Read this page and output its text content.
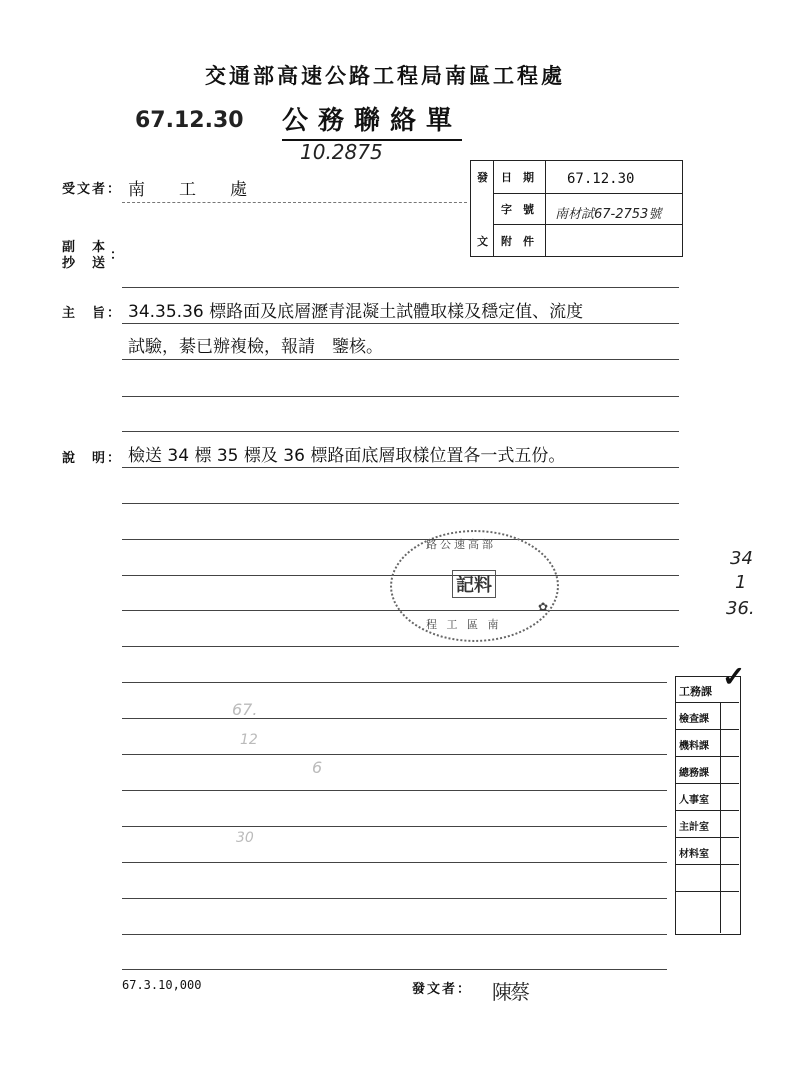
交通部高速公路工程局南區工程處
67.12.30 公務聯絡單
10.2875
受文者： 南　　工　　處
副　本
抄　送
：
發
文
日　期
字　號
附　件
67.12.30
南材試67-2753號
主　旨： 34.35.36 標路面及底層瀝青混凝土試體取樣及穩定值、流度
試驗，綦已辦複檢，報請　鑒核。
說　明： 檢送 34 標 35 標及 36 標路面底層取樣位置各一式五份。
路公速高部
記料
程 工 區 南
✿
34
1
36.
67.
12
6
30
工務課 ✓
檢查課
機料課
總務課
人事室
主計室
材料室
67.3.10,000	發文者： 陳蔡
